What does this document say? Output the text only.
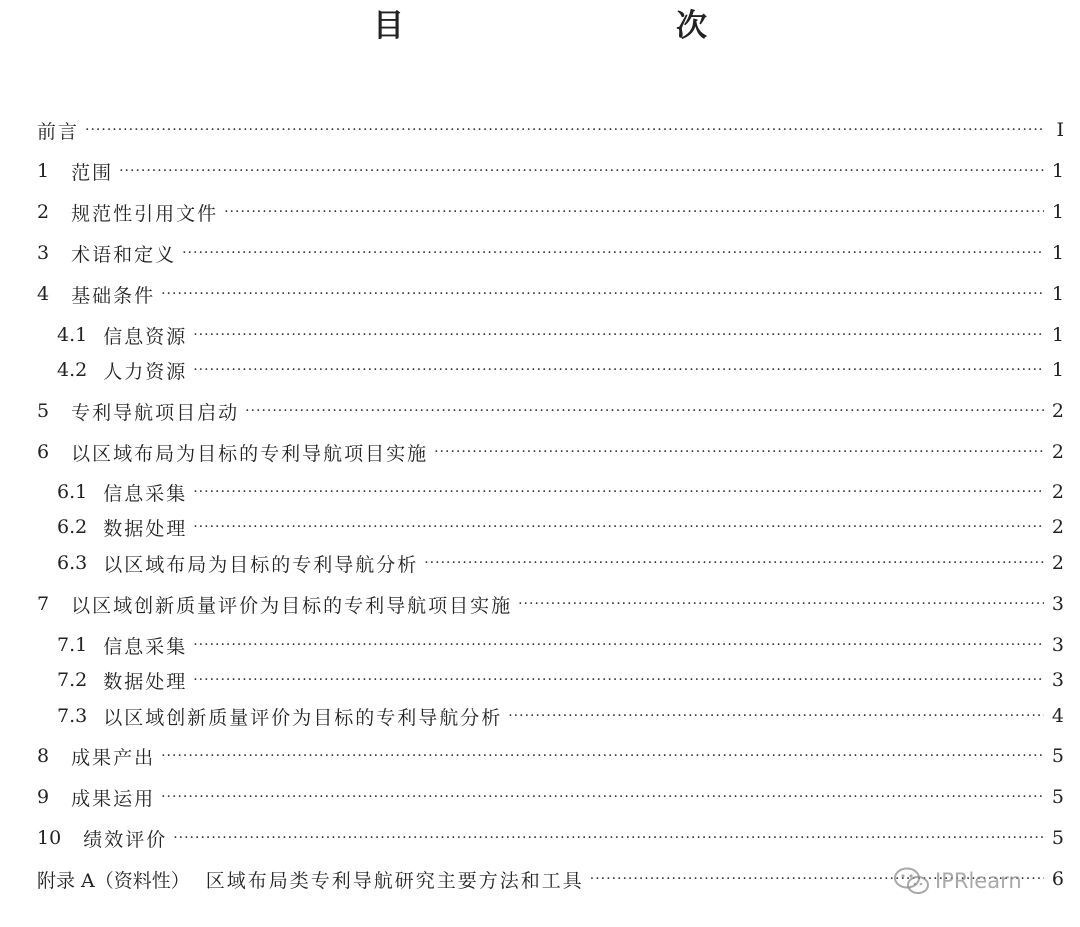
目　　次
前言 ·····	I
1 范围 ·····	1
2 规范性引用文件 ·····	1
3 术语和定义 ·····	1
4 基础条件 ·····	1
4.1 信息资源 ·····	1
4.2 人力资源 ·····	1
5 专利导航项目启动 ·····	2
6 以区域布局为目标的专利导航项目实施 ·····	2
6.1 信息采集 ·····	2
6.2 数据处理 ·····	2
6.3 以区域布局为目标的专利导航分析 ·····	2
7 以区域创新质量评价为目标的专利导航项目实施 ·····	3
7.1 信息采集 ·····	3
7.2 数据处理 ·····	3
7.3 以区域创新质量评价为目标的专利导航分析 ·····	4
8 成果产出 ·····	5
9 成果运用 ·····	5
10 绩效评价 ·····	5
附录 A（资料性） 区域布局类专利导航研究主要方法和工具 ·····	6
IPRlearn
